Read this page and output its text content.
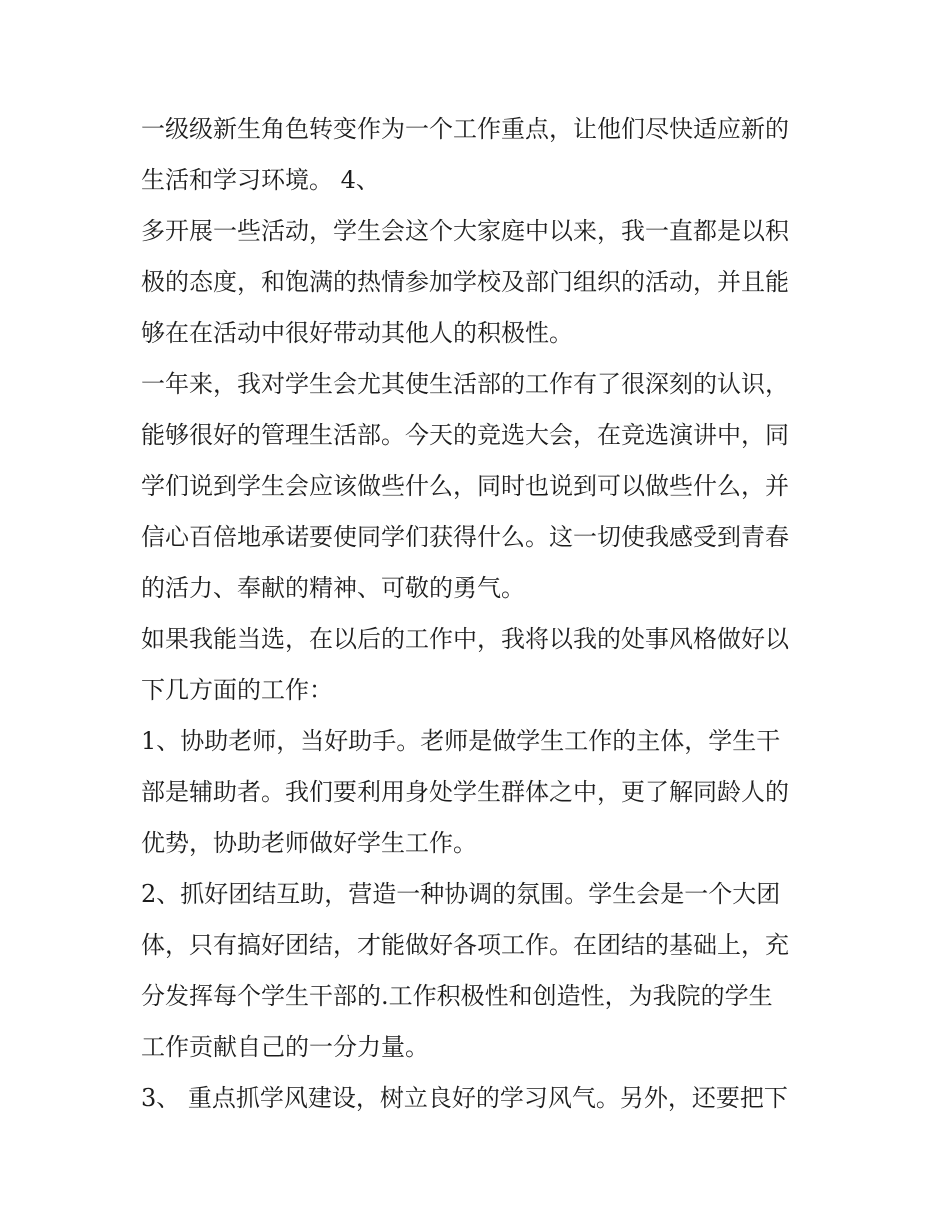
一级级新生角色转变作为一个工作重点，让他们尽快适应新的
生活和学习环境。 4、
多开展一些活动，学生会这个大家庭中以来，我一直都是以积
极的态度，和饱满的热情参加学校及部门组织的活动，并且能
够在在活动中很好带动其他人的积极性。
一年来，我对学生会尤其使生活部的工作有了很深刻的认识，
能够很好的管理生活部。今天的竞选大会，在竞选演讲中，同
学们说到学生会应该做些什么，同时也说到可以做些什么，并
信心百倍地承诺要使同学们获得什么。这一切使我感受到青春
的活力、奉献的精神、可敬的勇气。
如果我能当选，在以后的工作中，我将以我的处事风格做好以
下几方面的工作：
1、协助老师，当好助手。老师是做学生工作的主体，学生干
部是辅助者。我们要利用身处学生群体之中，更了解同龄人的
优势，协助老师做好学生工作。
2、抓好团结互助，营造一种协调的氛围。学生会是一个大团
体，只有搞好团结，才能做好各项工作。在团结的基础上，充
分发挥每个学生干部的.工作积极性和创造性，为我院的学生
工作贡献自己的一分力量。
3、 重点抓学风建设，树立良好的学习风气。另外，还要把下
